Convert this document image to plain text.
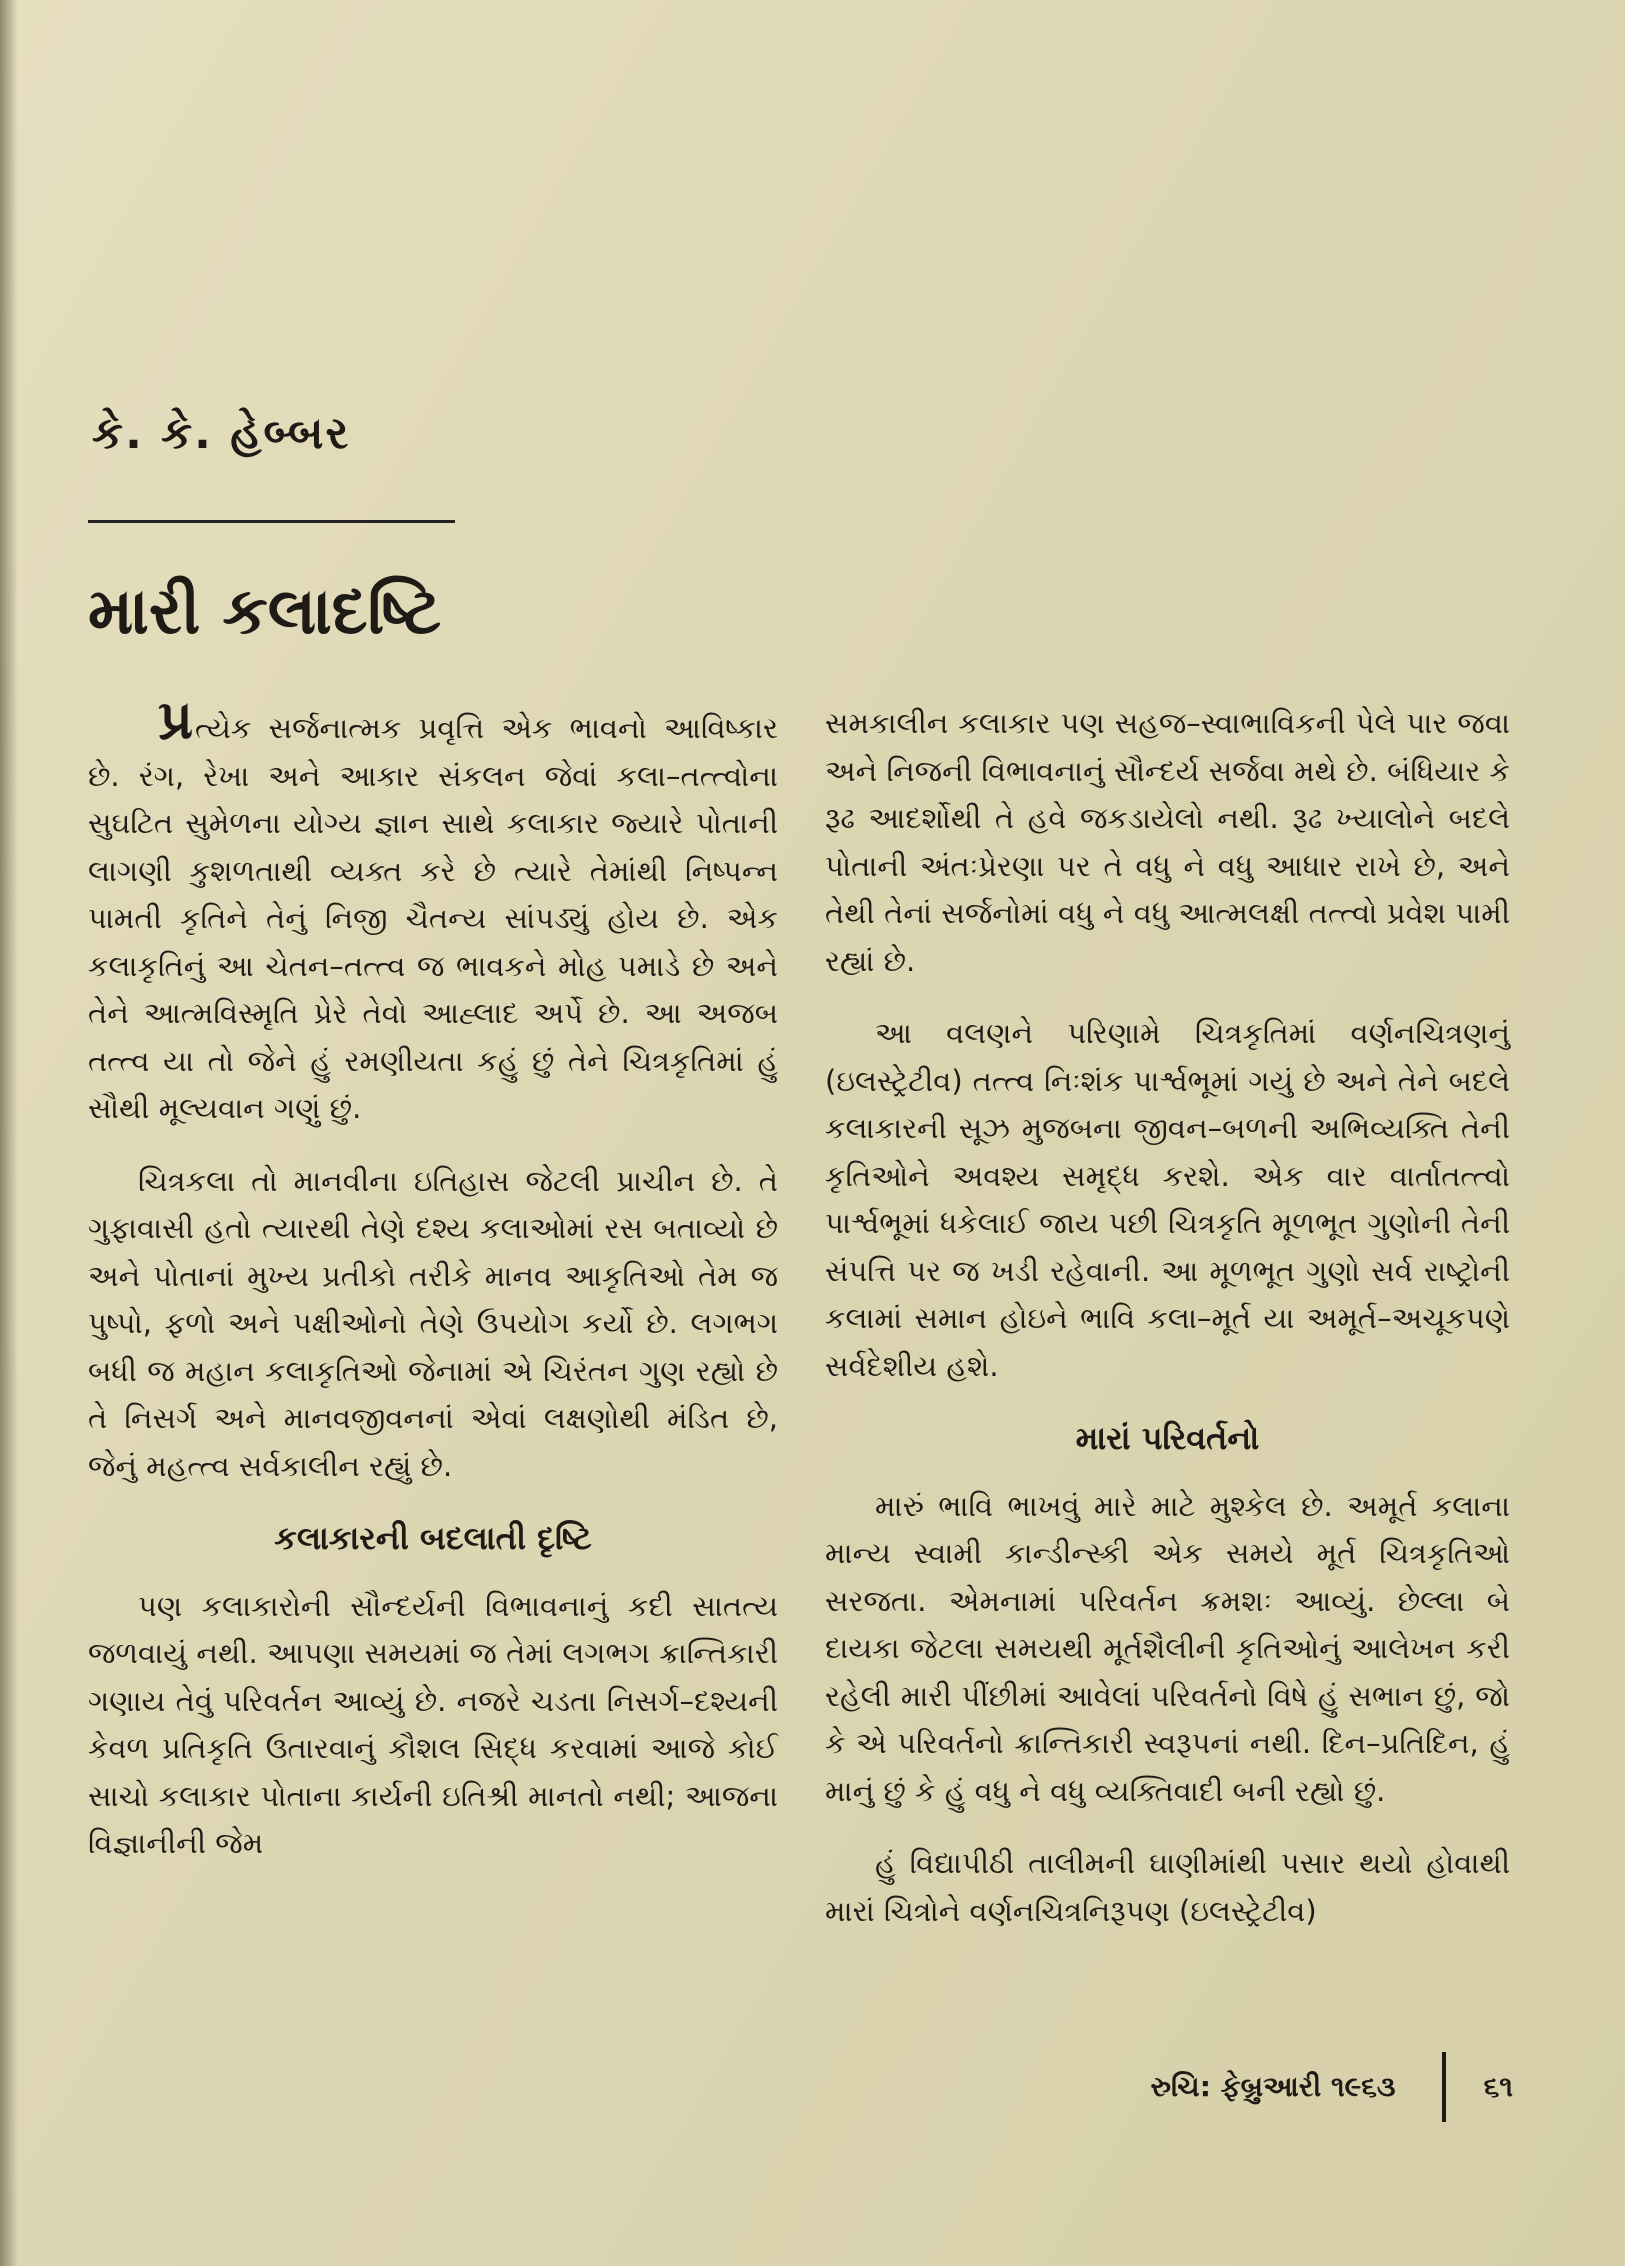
કે. કે. હેબ્બર
મારી કલાદષ્ટિ

પ્રત્યેક સર્જનાત્મક પ્રવૃત્તિ એક ભાવનો આવિષ્કાર છે. રંગ, રેખા અને આકાર સંકલન જેવાં કલા–તત્ત્વોના સુઘટિત સુમેળના યોગ્ય જ્ઞાન સાથે કલાકાર જ્યારે પોતાની લાગણી કુશળતાથી વ્યક્ત કરે છે ત્યારે તેમાંથી નિષ્પન્ન પામતી કૃતિને તેનું નિજી ચૈતન્ય સાંપડ્યું હોય છે. એક કલાકૃતિનું આ ચેતન–તત્ત્વ જ ભાવકને મોહ પમાડે છે અને તેને આત્મવિસ્મૃતિ પ્રેરે તેવો આહ્લાદ અર્પે છે. આ અજબ તત્ત્વ યા તો જેને હું રમણીયતા કહું છું તેને ચિત્રકૃતિમાં હું સૌથી મૂલ્યવાન ગણું છું.

ચિત્રકલા તો માનવીના ઇતિહાસ જેટલી પ્રાચીન છે. તે ગુફાવાસી હતો ત્યારથી તેણે દશ્ય કલાઓમાં રસ બતાવ્યો છે અને પોતાનાં મુખ્ય પ્રતીકો તરીકે માનવ આકૃતિઓ તેમ જ પુષ્પો, ફળો અને પક્ષીઓનો તેણે ઉપયોગ કર્યો છે. લગભગ બધી જ મહાન કલાકૃતિઓ જેનામાં એ ચિરંતન ગુણ રહ્યો છે તે નિસર્ગ અને માનવજીવનનાં એવાં લક્ષણોથી મંડિત છે, જેનું મહત્ત્વ સર્વકાલીન રહ્યું છે.

કલાકારની બદલાતી દૃષ્ટિ

પણ કલાકારોની સૌન્દર્યની વિભાવનાનું કદી સાતત્ય જળવાયું નથી. આપણા સમયમાં જ તેમાં લગભગ ક્રાન્તિકારી ગણાય તેવું પરિવર્તન આવ્યું છે. નજરે ચડતા નિસર્ગ–દશ્યની કેવળ પ્રતિકૃતિ ઉતારવાનું કૌશલ સિદ્ધ કરવામાં આજે કોઈ સાચો કલાકાર પોતાના કાર્યની ઇતિશ્રી માનતો નથી; આજના વિજ્ઞાનીની જેમ

સમકાલીન કલાકાર પણ સહજ–સ્વાભાવિકની પેલે પાર જવા અને નિજની વિભાવનાનું સૌન્દર્ય સર્જવા મથે છે. બંધિયાર કે રૂઢ આદર્શોથી તે હવે જકડાયેલો નથી. રૂઢ ખ્યાલોને બદલે પોતાની અંતઃપ્રેરણા પર તે વધુ ને વધુ આધાર રાખે છે, અને તેથી તેનાં સર્જનોમાં વધુ ને વધુ આત્મલક્ષી તત્ત્વો પ્રવેશ પામી રહ્યાં છે.

આ વલણને પરિણામે ચિત્રકૃતિમાં વર્ણનચિત્રણનું (ઇલસ્ટ્રેટીવ) તત્ત્વ નિઃશંક પાર્શ્વભૂમાં ગયું છે અને તેને બદલે કલાકારની સૂઝ મુજબના જીવન–બળની અભિવ્યક્તિ તેની કૃતિઓને અવશ્ય સમૃદ્ધ કરશે. એક વાર વાર્તાતત્ત્વો પાર્શ્વભૂમાં ધકેલાઈ જાય પછી ચિત્રકૃતિ મૂળભૂત ગુણોની તેની સંપત્તિ પર જ ખડી રહેવાની. આ મૂળભૂત ગુણો સર્વ રાષ્ટ્રોની કલામાં સમાન હોઇને ભાવિ કલા–મૂર્ત યા અમૂર્ત–અચૂકપણે સર્વદેશીય હશે.

મારાં પરિવર્તનો

મારું ભાવિ ભાખવું મારે માટે મુશ્કેલ છે. અમૂર્ત કલાના માન્ય સ્વામી કાન્ડીન્સ્કી એક સમયે મૂર્ત ચિત્રકૃતિઓ સરજતા. એમનામાં પરિવર્તન ક્રમશઃ આવ્યું. છેલ્લા બે દાયકા જેટલા સમયથી મૂર્તશૈલીની કૃતિઓનું આલેખન કરી રહેલી મારી પીંછીમાં આવેલાં પરિવર્તનો વિષે હું સભાન છું, જો કે એ પરિવર્તનો ક્રાન્તિકારી સ્વરૂપનાં નથી. દિન–પ્રતિદિન, હું માનું છું કે હું વધુ ને વધુ વ્યક્તિવાદી બની રહ્યો છું.

હું વિદ્યાપીઠી તાલીમની ઘાણીમાંથી પસાર થયો હોવાથી મારાં ચિત્રોને વર્ણનચિત્રનિરૂપણ (ઇલસ્ટ્રેટીવ)

રુચિ: ફેબ્રુઆરી ૧૯૬૩	૬૧
